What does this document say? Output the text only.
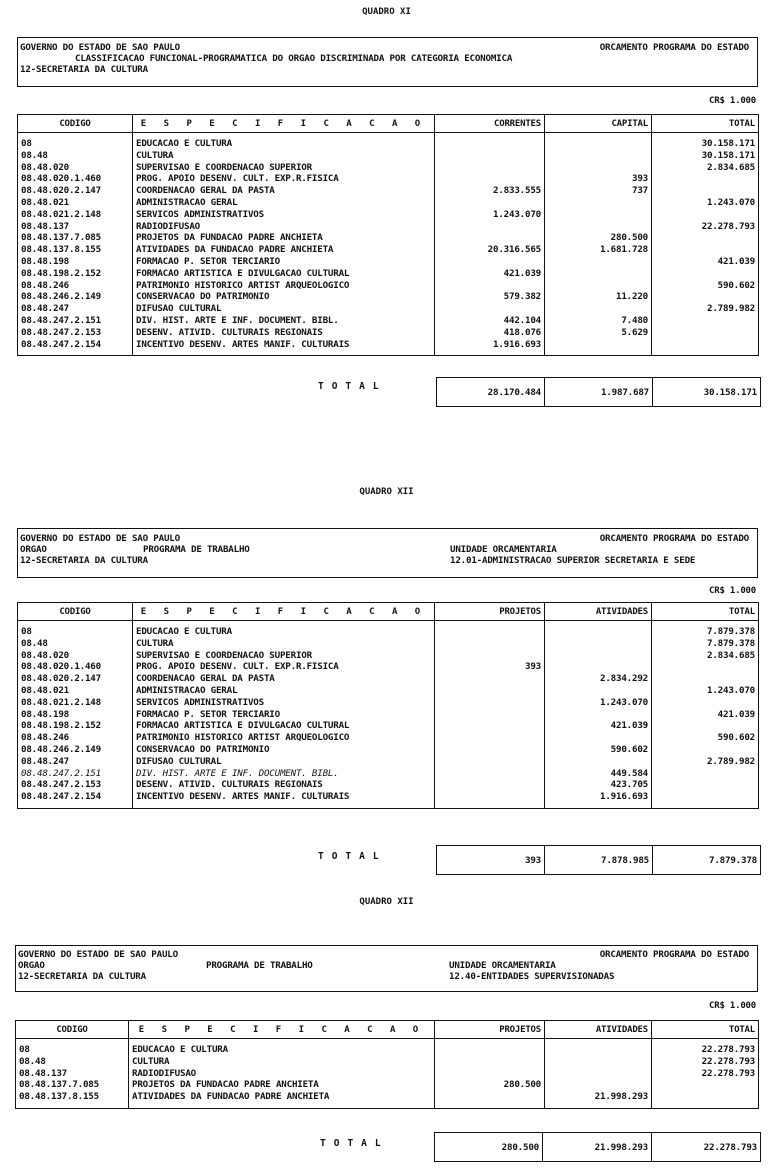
QUADRO XI
GOVERNO DO ESTADO DE SAO PAULO	ORCAMENTO PROGRAMA DO ESTADO
CLASSIFICACAO FUNCIONAL-PROGRAMATICA DO ORGAO DISCRIMINADA POR CATEGORIA ECONOMICA
12-SECRETARIA DA CULTURA
CR$ 1.000
CODIGO	E S P E C I F I C A C A O	CORRENTES	CAPITAL	TOTAL
08	EDUCACAO E CULTURA			30.158.171
08.48	CULTURA			30.158.171
08.48.020	SUPERVISAO E COORDENACAO SUPERIOR			2.834.685
08.48.020.1.460	PROG. APOIO DESENV. CULT. EXP.R.FISICA		393	
08.48.020.2.147	COORDENACAO GERAL DA PASTA	2.833.555	737	
08.48.021	ADMINISTRACAO GERAL			1.243.070
08.48.021.2.148	SERVICOS ADMINISTRATIVOS	1.243.070		
08.48.137	RADIODIFUSAO			22.278.793
08.48.137.7.085	PROJETOS DA FUNDACAO PADRE ANCHIETA		280.500	
08.48.137.8.155	ATIVIDADES DA FUNDACAO PADRE ANCHIETA	20.316.565	1.681.728	
08.48.198	FORMACAO P. SETOR TERCIARIO			421.039
08.48.198.2.152	FORMACAO ARTISTICA E DIVULGACAO CULTURAL	421.039		
08.48.246	PATRIMONIO HISTORICO ARTIST ARQUEOLOGICO			590.602
08.48.246.2.149	CONSERVACAO DO PATRIMONIO	579.382	11.220	
08.48.247	DIFUSAO CULTURAL			2.789.982
08.48.247.2.151	DIV. HIST. ARTE E INF. DOCUMENT. BIBL.	442.104	7.480	
08.48.247.2.153	DESENV. ATIVID. CULTURAIS REGIONAIS	418.076	5.629	
08.48.247.2.154	INCENTIVO DESENV. ARTES MANIF. CULTURAIS	1.916.693		
TOTAL	28.170.484	1.987.687	30.158.171
QUADRO XII
GOVERNO DO ESTADO DE SAO PAULO	ORCAMENTO PROGRAMA DO ESTADO
ORGAO	PROGRAMA DE TRABALHO	UNIDADE ORCAMENTARIA
12-SECRETARIA DA CULTURA	12.01-ADMINISTRACAO SUPERIOR SECRETARIA E SEDE
CR$ 1.000
CODIGO	E S P E C I F I C A C A O	PROJETOS	ATIVIDADES	TOTAL
08	EDUCACAO E CULTURA			7.879.378
08.48	CULTURA			7.879.378
08.48.020	SUPERVISAO E COORDENACAO SUPERIOR			2.834.685
08.48.020.1.460	PROG. APOIO DESENV. CULT. EXP.R.FISICA	393		
08.48.020.2.147	COORDENACAO GERAL DA PASTA		2.834.292	
08.48.021	ADMINISTRACAO GERAL			1.243.070
08.48.021.2.148	SERVICOS ADMINISTRATIVOS		1.243.070	
08.48.198	FORMACAO P. SETOR TERCIARIO			421.039
08.48.198.2.152	FORMACAO ARTISTICA E DIVULGACAO CULTURAL		421.039	
08.48.246	PATRIMONIO HISTORICO ARTIST ARQUEOLOGICO			590.602
08.48.246.2.149	CONSERVACAO DO PATRIMONIO		590.602	
08.48.247	DIFUSAO CULTURAL			2.789.982
08.48.247.2.151	DIV. HIST. ARTE E INF. DOCUMENT. BIBL.		449.584	
08.48.247.2.153	DESENV. ATIVID. CULTURAIS REGIONAIS		423.705	
08.48.247.2.154	INCENTIVO DESENV. ARTES MANIF. CULTURAIS		1.916.693	
TOTAL	393	7.878.985	7.879.378
QUADRO XII
GOVERNO DO ESTADO DE SAO PAULO	ORCAMENTO PROGRAMA DO ESTADO
ORGAO	PROGRAMA DE TRABALHO	UNIDADE ORCAMENTARIA
12-SECRETARIA DA CULTURA	12.40-ENTIDADES SUPERVISIONADAS
CR$ 1.000
CODIGO	E S P E C I F I C A C A O	PROJETOS	ATIVIDADES	TOTAL
08	EDUCACAO E CULTURA			22.278.793
08.48	CULTURA			22.278.793
08.48.137	RADIODIFUSAO			22.278.793
08.48.137.7.085	PROJETOS DA FUNDACAO PADRE ANCHIETA	280.500		
08.48.137.8.155	ATIVIDADES DA FUNDACAO PADRE ANCHIETA		21.998.293	
TOTAL	280.500	21.998.293	22.278.793
